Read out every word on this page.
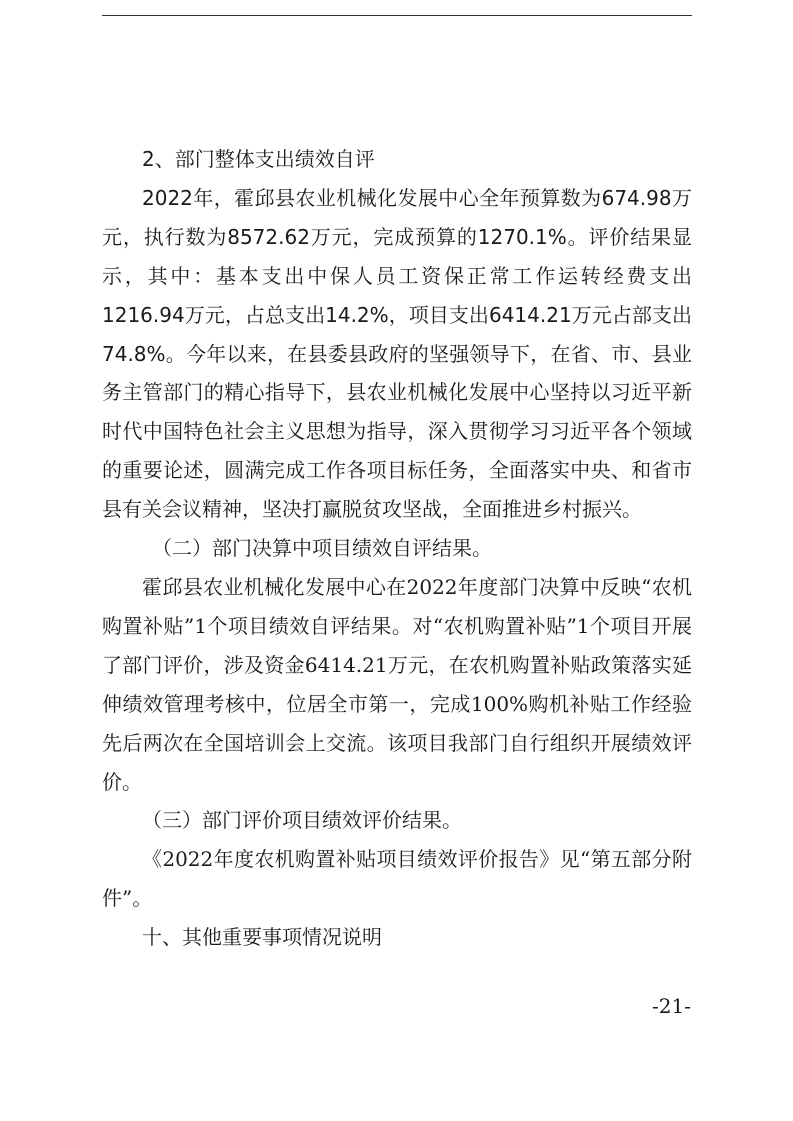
2、部门整体支出绩效自评

2022年，霍邱县农业机械化发展中心全年预算数为674.98万元，执行数为8572.62万元，完成预算的1270.1%。评价结果显示，其中：基本支出中保人员工资保正常工作运转经费支出1216.94万元，占总支出14.2%，项目支出6414.21万元占部支出74.8%。今年以来，在县委县政府的坚强领导下，在省、市、县业务主管部门的精心指导下，县农业机械化发展中心坚持以习近平新时代中国特色社会主义思想为指导，深入贯彻学习习近平各个领域的重要论述，圆满完成工作各项目标任务，全面落实中央、和省市县有关会议精神，坚决打赢脱贫攻坚战，全面推进乡村振兴。

（二）部门决算中项目绩效自评结果。

霍邱县农业机械化发展中心在2022年度部门决算中反映“农机购置补贴”1个项目绩效自评结果。对“农机购置补贴”1个项目开展了部门评价，涉及资金6414.21万元，在农机购置补贴政策落实延伸绩效管理考核中，位居全市第一，完成100%购机补贴工作经验先后两次在全国培训会上交流。该项目我部门自行组织开展绩效评价。

（三）部门评价项目绩效评价结果。

《2022年度农机购置补贴项目绩效评价报告》见“第五部分附件”。

十、其他重要事项情况说明

-21-
